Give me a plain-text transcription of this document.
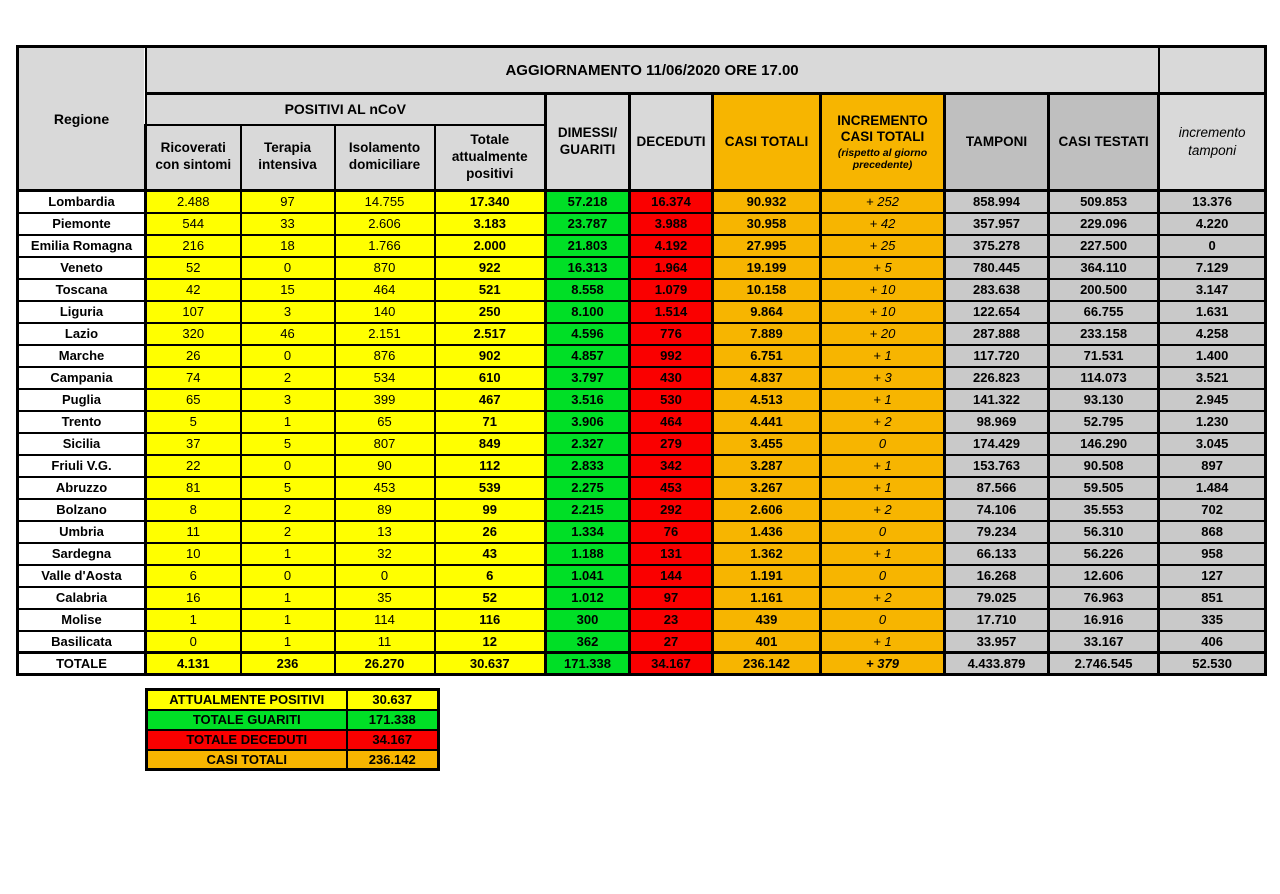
Regione	AGGIORNAMENTO 11/06/2020 ORE 17.00										
	POSITIVI AL nCoV				DIMESSI/
GUARITI	DECEDUTI	CASI TOTALI	INCREMENTO
CASI TOTALI
(rispetto al giorno precedente)	TAMPONI	CASI TESTATI	incremento tamponi
	Ricoverati con sintomi	Terapia intensiva	Isolamento domiciliare	Totale attualmente positivi							
Lombardia	2.488	97	14.755	17.340	57.218	16.374	90.932	+ 252	858.994	509.853	13.376
Piemonte	544	33	2.606	3.183	23.787	3.988	30.958	+ 42	357.957	229.096	4.220
Emilia Romagna	216	18	1.766	2.000	21.803	4.192	27.995	+ 25	375.278	227.500	0
Veneto	52	0	870	922	16.313	1.964	19.199	+ 5	780.445	364.110	7.129
Toscana	42	15	464	521	8.558	1.079	10.158	+ 10	283.638	200.500	3.147
Liguria	107	3	140	250	8.100	1.514	9.864	+ 10	122.654	66.755	1.631
Lazio	320	46	2.151	2.517	4.596	776	7.889	+ 20	287.888	233.158	4.258
Marche	26	0	876	902	4.857	992	6.751	+ 1	117.720	71.531	1.400
Campania	74	2	534	610	3.797	430	4.837	+ 3	226.823	114.073	3.521
Puglia	65	3	399	467	3.516	530	4.513	+ 1	141.322	93.130	2.945
Trento	5	1	65	71	3.906	464	4.441	+ 2	98.969	52.795	1.230
Sicilia	37	5	807	849	2.327	279	3.455	0	174.429	146.290	3.045
Friuli V.G.	22	0	90	112	2.833	342	3.287	+ 1	153.763	90.508	897
Abruzzo	81	5	453	539	2.275	453	3.267	+ 1	87.566	59.505	1.484
Bolzano	8	2	89	99	2.215	292	2.606	+ 2	74.106	35.553	702
Umbria	11	2	13	26	1.334	76	1.436	0	79.234	56.310	868
Sardegna	10	1	32	43	1.188	131	1.362	+ 1	66.133	56.226	958
Valle d'Aosta	6	0	0	6	1.041	144	1.191	0	16.268	12.606	127
Calabria	16	1	35	52	1.012	97	1.161	+ 2	79.025	76.963	851
Molise	1	1	114	116	300	23	439	0	17.710	16.916	335
Basilicata	0	1	11	12	362	27	401	+ 1	33.957	33.167	406
TOTALE	4.131	236	26.270	30.637	171.338	34.167	236.142	+ 379	4.433.879	2.746.545	52.530
ATTUALMENTE POSITIVI	30.637
TOTALE GUARITI	171.338
TOTALE DECEDUTI	34.167
CASI TOTALI	236.142
